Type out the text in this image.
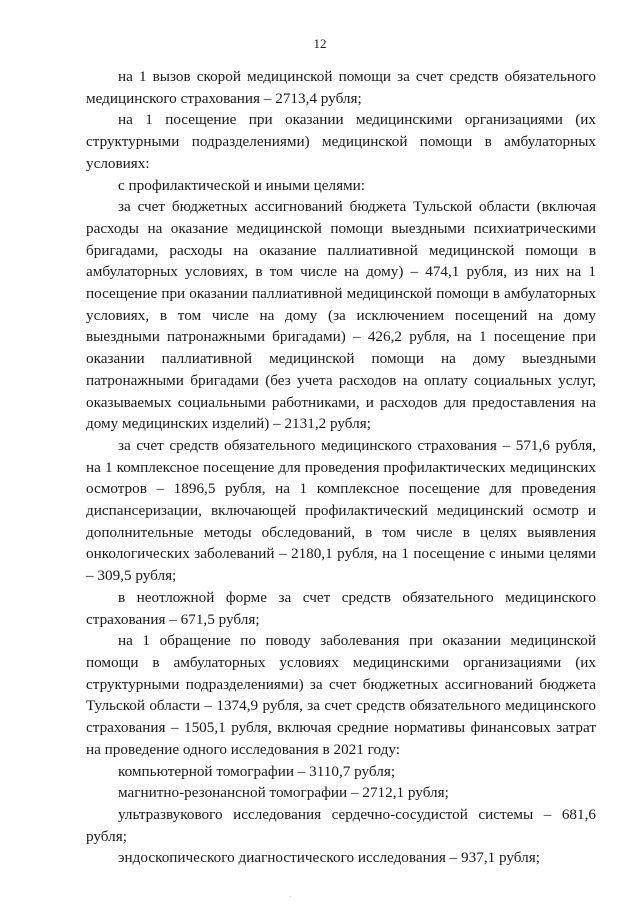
12

на 1 вызов скорой медицинской помощи за счет средств обязательного медицинского страхования – 2713,4 рубля;

на 1 посещение при оказании медицинскими организациями (их структурными подразделениями) медицинской помощи в амбулаторных условиях:

с профилактической и иными целями:

за счет бюджетных ассигнований бюджета Тульской области (включая расходы на оказание медицинской помощи выездными психиатрическими бригадами, расходы на оказание паллиативной медицинской помощи в амбулаторных условиях, в том числе на дому) – 474,1 рубля, из них на 1 посещение при оказании паллиативной медицинской помощи в амбулаторных условиях, в том числе на дому (за исключением посещений на дому выездными патронажными бригадами) – 426,2 рубля, на 1 посещение при оказании паллиативной медицинской помощи на дому выездными патронажными бригадами (без учета расходов на оплату социальных услуг, оказываемых социальными работниками, и расходов для предоставления на дому медицинских изделий) – 2131,2 рубля;

за счет средств обязательного медицинского страхования – 571,6 рубля, на 1 комплексное посещение для проведения профилактических медицинских осмотров – 1896,5 рубля, на 1 комплексное посещение для проведения диспансеризации, включающей профилактический медицинский осмотр и дополнительные методы обследований, в том числе в целях выявления онкологических заболеваний – 2180,1 рубля, на 1 посещение с иными целями – 309,5 рубля;

в неотложной форме за счет средств обязательного медицинского страхования – 671,5 рубля;

на 1 обращение по поводу заболевания при оказании медицинской помощи в амбулаторных условиях медицинскими организациями (их структурными подразделениями) за счет бюджетных ассигнований бюджета Тульской области – 1374,9 рубля, за счет средств обязательного медицинского страхования – 1505,1 рубля, включая средние нормативы финансовых затрат на проведение одного исследования в 2021 году:

компьютерной томографии – 3110,7 рубля;

магнитно-резонансной томографии – 2712,1 рубля;

ультразвукового исследования сердечно-сосудистой системы – 681,6 рубля;

эндоскопического диагностического исследования – 937,1 рубля;
